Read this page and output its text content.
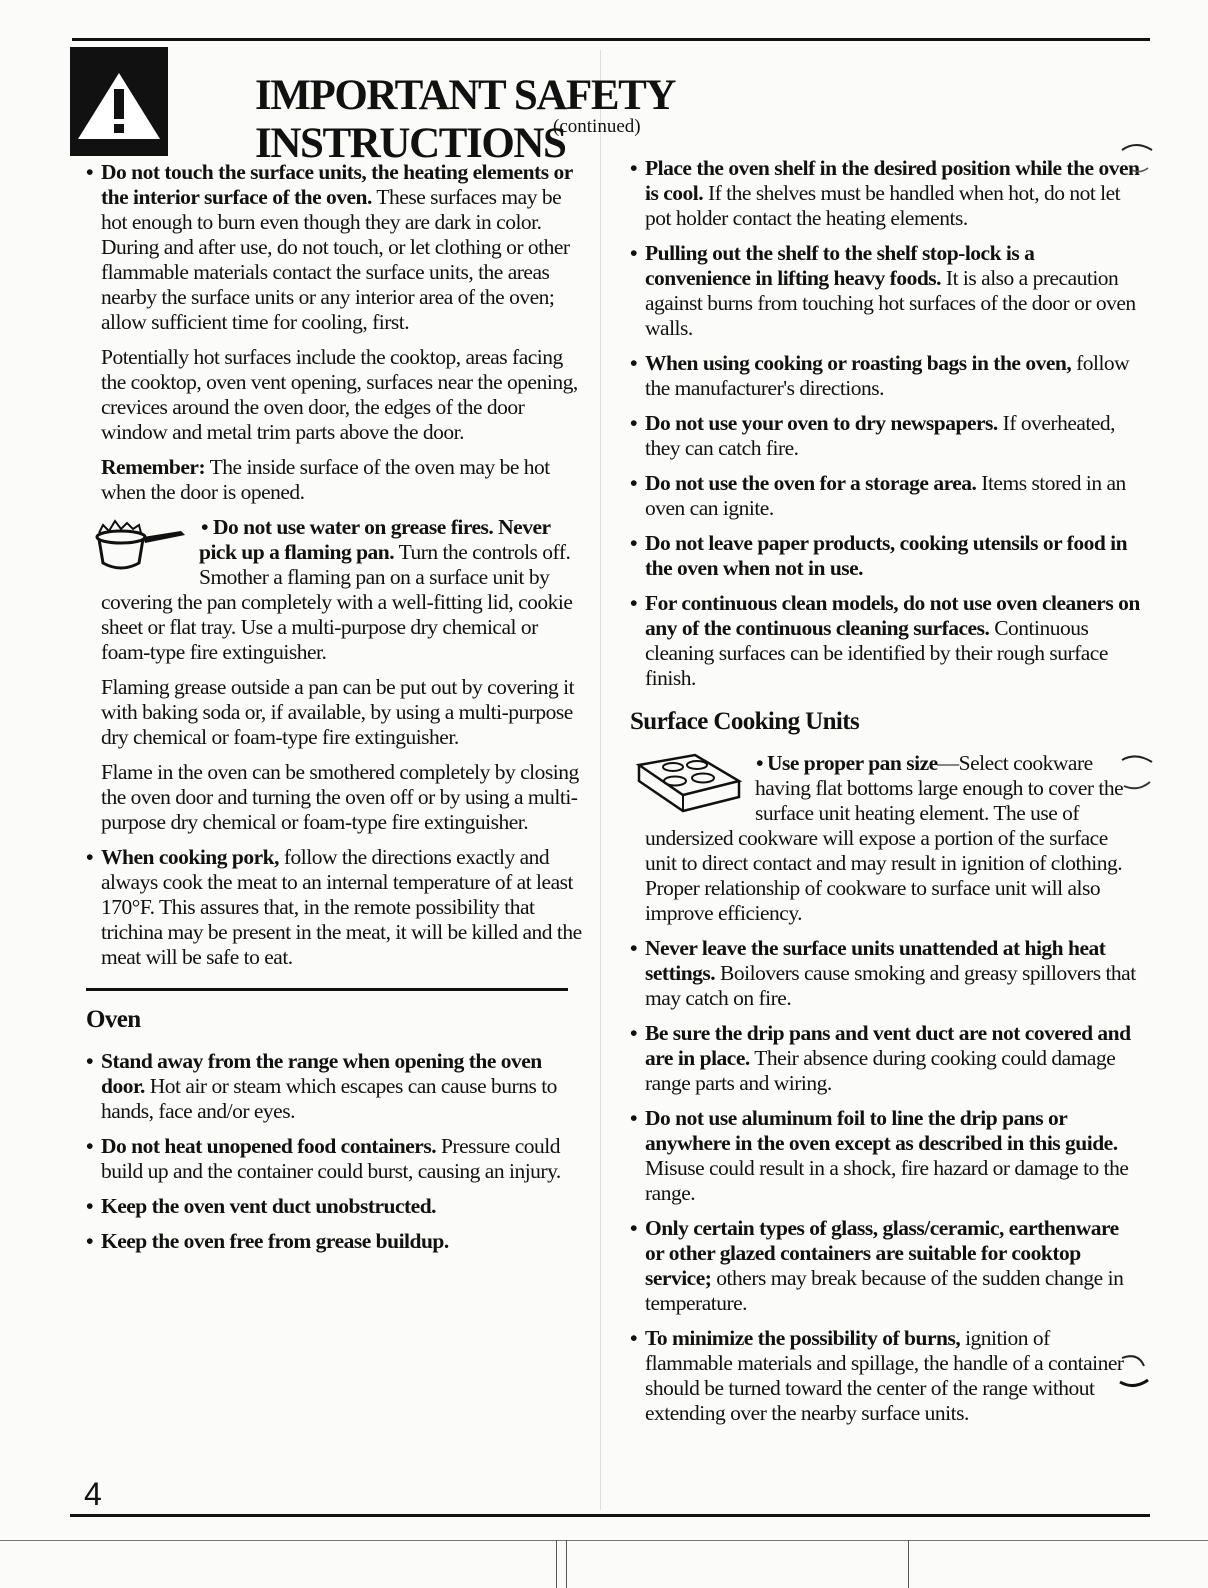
IMPORTANT SAFETY INSTRUCTIONS
(continued)
• Do not touch the surface units, the heating elements or the interior surface of the oven. These surfaces may be hot enough to burn even though they are dark in color. During and after use, do not touch, or let clothing or other flammable materials contact the surface units, the areas nearby the surface units or any interior area of the oven; allow sufficient time for cooling, first.
Potentially hot surfaces include the cooktop, areas facing the cooktop, oven vent opening, surfaces near the opening, crevices around the oven door, the edges of the door window and metal trim parts above the door.
Remember: The inside surface of the oven may be hot when the door is opened.
• Do not use water on grease fires. Never pick up a flaming pan. Turn the controls off. Smother a flaming pan on a surface unit by covering the pan completely with a well-fitting lid, cookie sheet or flat tray. Use a multi-purpose dry chemical or foam-type fire extinguisher.
Flaming grease outside a pan can be put out by covering it with baking soda or, if available, by using a multi-purpose dry chemical or foam-type fire extinguisher.
Flame in the oven can be smothered completely by closing the oven door and turning the oven off or by using a multi-purpose dry chemical or foam-type fire extinguisher.
• When cooking pork, follow the directions exactly and always cook the meat to an internal temperature of at least 170°F. This assures that, in the remote possibility that trichina may be present in the meat, it will be killed and the meat will be safe to eat.
Oven
• Stand away from the range when opening the oven door. Hot air or steam which escapes can cause burns to hands, face and/or eyes.
• Do not heat unopened food containers. Pressure could build up and the container could burst, causing an injury.
• Keep the oven vent duct unobstructed.
• Keep the oven free from grease buildup.
• Place the oven shelf in the desired position while the oven is cool. If the shelves must be handled when hot, do not let pot holder contact the heating elements.
• Pulling out the shelf to the shelf stop-lock is a convenience in lifting heavy foods. It is also a precaution against burns from touching hot surfaces of the door or oven walls.
• When using cooking or roasting bags in the oven, follow the manufacturer's directions.
• Do not use your oven to dry newspapers. If overheated, they can catch fire.
• Do not use the oven for a storage area. Items stored in an oven can ignite.
• Do not leave paper products, cooking utensils or food in the oven when not in use.
• For continuous clean models, do not use oven cleaners on any of the continuous cleaning surfaces. Continuous cleaning surfaces can be identified by their rough surface finish.
Surface Cooking Units
• Use proper pan size—Select cookware having flat bottoms large enough to cover the surface unit heating element. The use of undersized cookware will expose a portion of the surface unit to direct contact and may result in ignition of clothing. Proper relationship of cookware to surface unit will also improve efficiency.
• Never leave the surface units unattended at high heat settings. Boilovers cause smoking and greasy spillovers that may catch on fire.
• Be sure the drip pans and vent duct are not covered and are in place. Their absence during cooking could damage range parts and wiring.
• Do not use aluminum foil to line the drip pans or anywhere in the oven except as described in this guide. Misuse could result in a shock, fire hazard or damage to the range.
• Only certain types of glass, glass/ceramic, earthenware or other glazed containers are suitable for cooktop service; others may break because of the sudden change in temperature.
• To minimize the possibility of burns, ignition of flammable materials and spillage, the handle of a container should be turned toward the center of the range without extending over the nearby surface units.
4
